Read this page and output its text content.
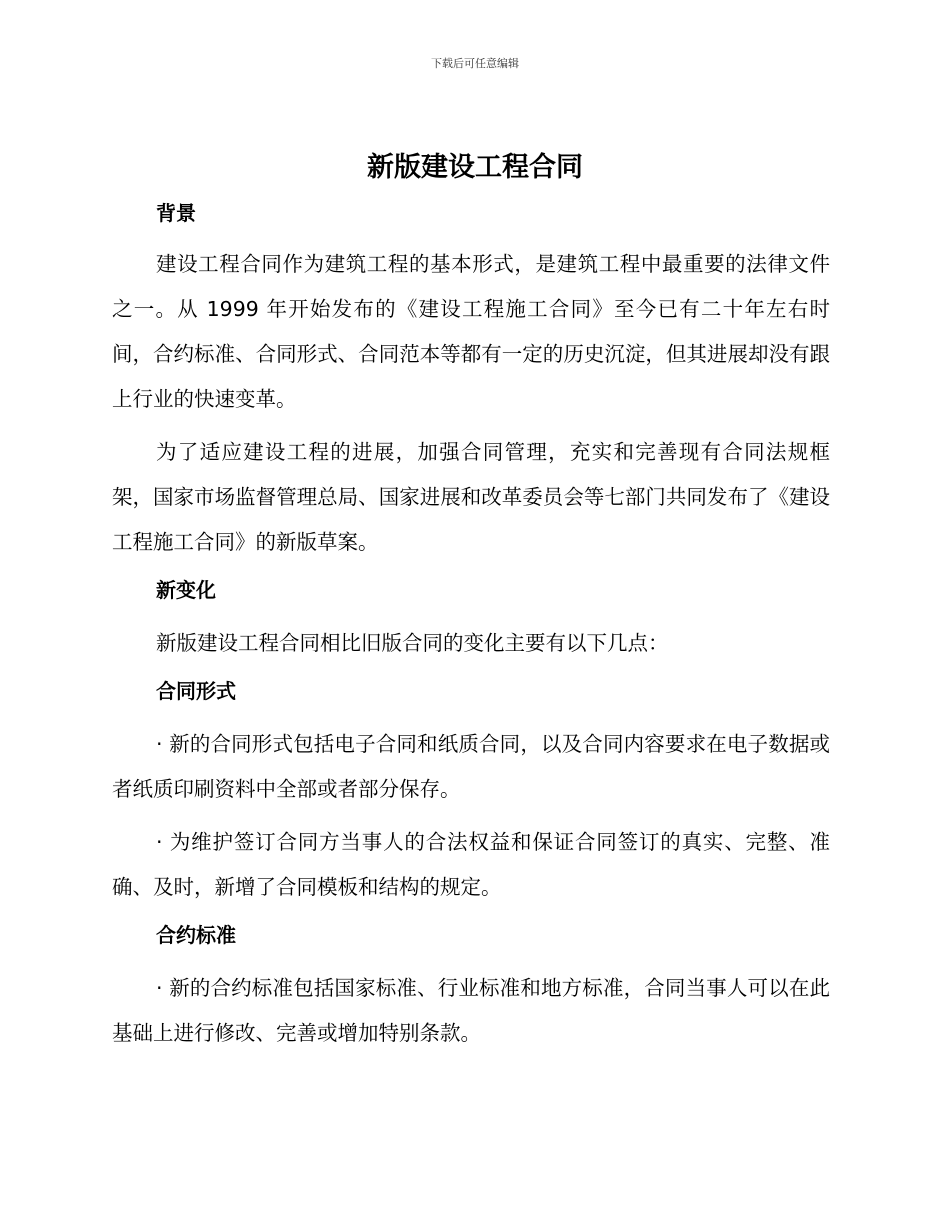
下载后可任意编辑
新版建设工程合同
背景

建设工程合同作为建筑工程的基本形式，是建筑工程中最重要的法律文件之一。从 1999 年开始发布的《建设工程施工合同》至今已有二十年左右时间，合约标准、合同形式、合同范本等都有一定的历史沉淀，但其进展却没有跟上行业的快速变革。

为了适应建设工程的进展，加强合同管理，充实和完善现有合同法规框架，国家市场监督管理总局、国家进展和改革委员会等七部门共同发布了《建设工程施工合同》的新版草案。

新变化

新版建设工程合同相比旧版合同的变化主要有以下几点：

合同形式

· 新的合同形式包括电子合同和纸质合同，以及合同内容要求在电子数据或者纸质印刷资料中全部或者部分保存。

· 为维护签订合同方当事人的合法权益和保证合同签订的真实、完整、准确、及时，新增了合同模板和结构的规定。

合约标准

· 新的合约标准包括国家标准、行业标准和地方标准，合同当事人可以在此基础上进行修改、完善或增加特别条款。
